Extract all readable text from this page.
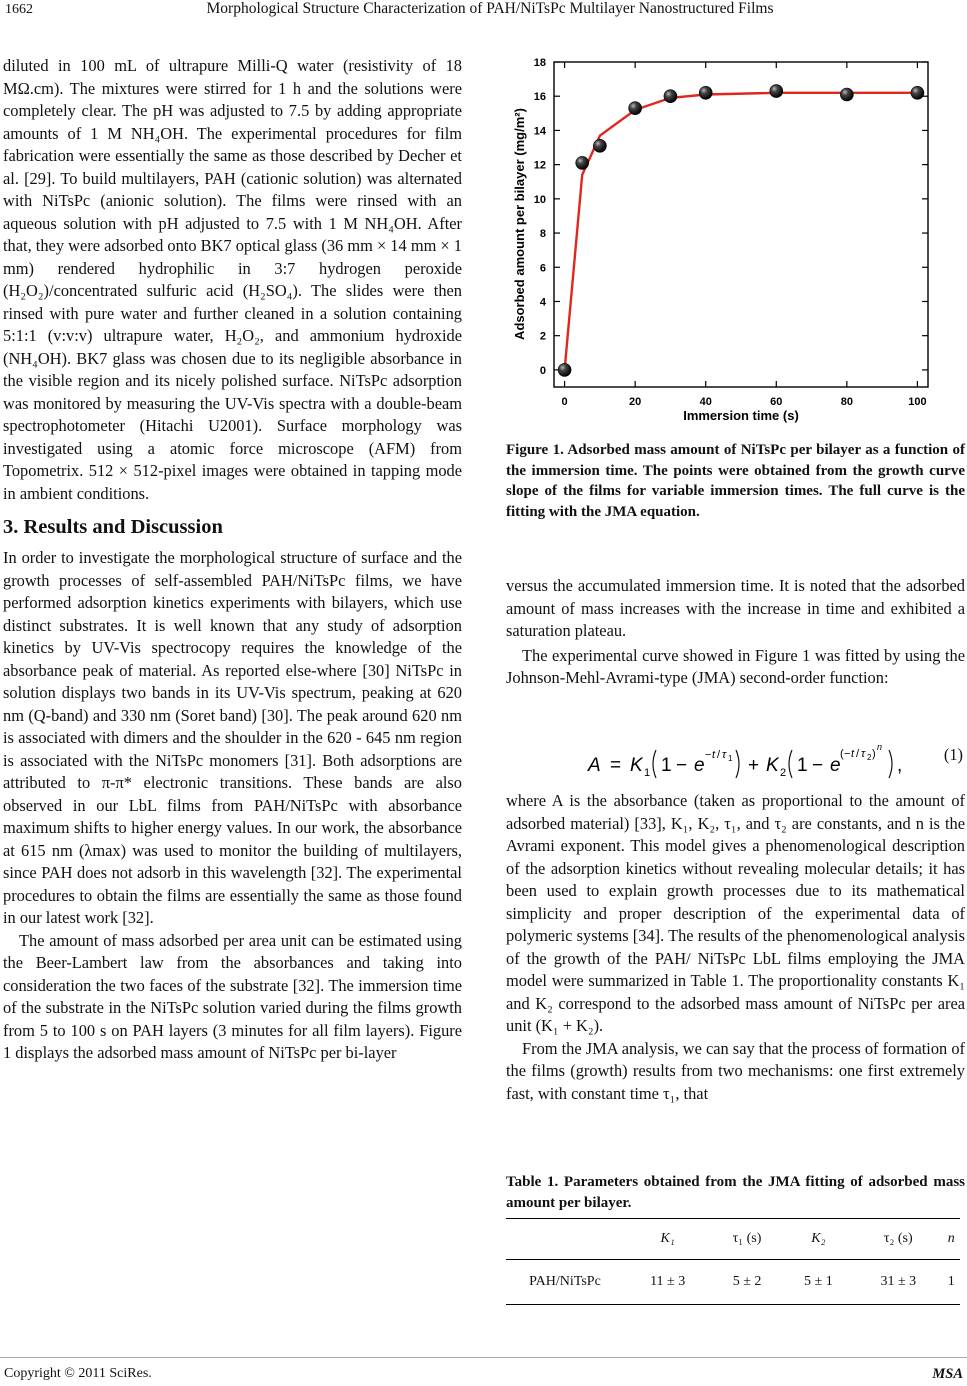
1662	Morphological Structure Characterization of PAH/NiTsPc Multilayer Nanostructured Films

diluted in 100 mL of ultrapure Milli-Q water (resistivity of 18 MΩ.cm). The mixtures were stirred for 1 h and the solutions were completely clear. The pH was adjusted to 7.5 by adding appropriate amounts of 1 M NH₄OH. The experimental procedures for film fabrication were essentially the same as those described by Decher et al. [29]. To build multilayers, PAH (cationic solution) was alternated with NiTsPc (anionic solution). The films were rinsed with an aqueous solution with pH adjusted to 7.5 with 1 M NH₄OH. After that, they were adsorbed onto BK7 optical glass (36 mm × 14 mm × 1 mm) rendered hydrophilic in 3:7 hydrogen peroxide (H₂O₂)/concentrated sulfuric acid (H₂SO₄). The slides were then rinsed with pure water and further cleaned in a solution containing 5:1:1 (v:v:v) ultrapure water, H₂O₂, and ammonium hydroxide (NH₄OH). BK7 glass was chosen due to its negligible absorbance in the visible region and its nicely polished surface. NiTsPc adsorption was monitored by measuring the UV-Vis spectra with a double-beam spectrophotometer (Hitachi U2001). Surface morphology was investigated using a atomic force microscope (AFM) from Topometrix. 512 × 512-pixel images were obtained in tapping mode in ambient conditions.

3. Results and Discussion

In order to investigate the morphological structure of surface and the growth processes of self-assembled PAH/NiTsPc films, we have performed adsorption kinetics experiments with bilayers, which use distinct substrates. It is well known that any study of adsorption kinetics by UV-Vis spectrocopy requires the knowledge of the absorbance peak of material. As reported else-where [30] NiTsPc in solution displays two bands in its UV-Vis spectrum, peaking at 620 nm (Q-band) and 330 nm (Soret band) [30]. The peak around 620 nm is associated with dimers and the shoulder in the 620 - 645 nm region is associated with the NiTsPc monomers [31]. Both adsorptions are attributed to π-π* electronic transitions. These bands are also observed in our LbL films from PAH/NiTsPc with absorbance maximum shifts to higher energy values. In our work, the absorbance at 615 nm (λmax) was used to monitor the building of multilayers, since PAH does not adsorb in this wavelength [32]. The experimental procedures to obtain the films are essentially the same as those found in our latest work [32].

The amount of mass adsorbed per area unit can be estimated using the Beer-Lambert law from the absorbances and taking into consideration the two faces of the substrate [32]. The immersion time of the substrate in the NiTsPc solution varied during the films growth from 5 to 100 s on PAH layers (3 minutes for all film layers). Figure 1 displays the adsorbed mass amount of NiTsPc per bi-layer

0	20	40	60	80	100
0
2
4
6
8
10
12
14
16
18
Immersion time (s)
Adsorbed amount per bilayer (mg/m²)
Figure 1. Adsorbed mass amount of NiTsPc per bilayer as a function of the immersion time. The points were obtained from the growth curve slope of the films for variable immersion times. The full curve is the fitting with the JMA equation.

versus the accumulated immersion time. It is noted that the adsorbed amount of mass increases with the increase in time and exhibited a saturation plateau.

The experimental curve showed in Figure 1 was fitted by using the Johnson-Mehl-Avrami-type (JMA) second-order function:

A = K 1 1 − e − t / τ 1 + K 2 1 − e
( − t / τ 2 )
n
,
(1)

where A is the absorbance (taken as proportional to the amount of adsorbed material) [33], K₁, K₂, τ₁, and τ₂ are constants, and n is the Avrami exponent. This model gives a phenomenological description of the adsorption kinetics without revealing molecular details; it has been used to explain growth processes due to its mathematical simplicity and proper description of the experimental data of polymeric systems [34]. The results of the phenomenological analysis of the growth of the PAH/ NiTsPc LbL films employing the JMA model were summarized in Table 1. The proportionality constants K₁ and K₂ correspond to the adsorbed mass amount of NiTsPc per area unit (K₁ + K₂).

From the JMA analysis, we can say that the process of formation of the films (growth) results from two mechanisms: one first extremely fast, with constant time τ₁, that

Table 1. Parameters obtained from the JMA fitting of adsorbed mass amount per bilayer.
	K₁	τ₁ (s)	K₂	τ₂ (s)	n
PAH/NiTsPc	11 ± 3	5 ± 2	5 ± 1	31 ± 3	1
Copyright © 2011 SciRes.	MSA
